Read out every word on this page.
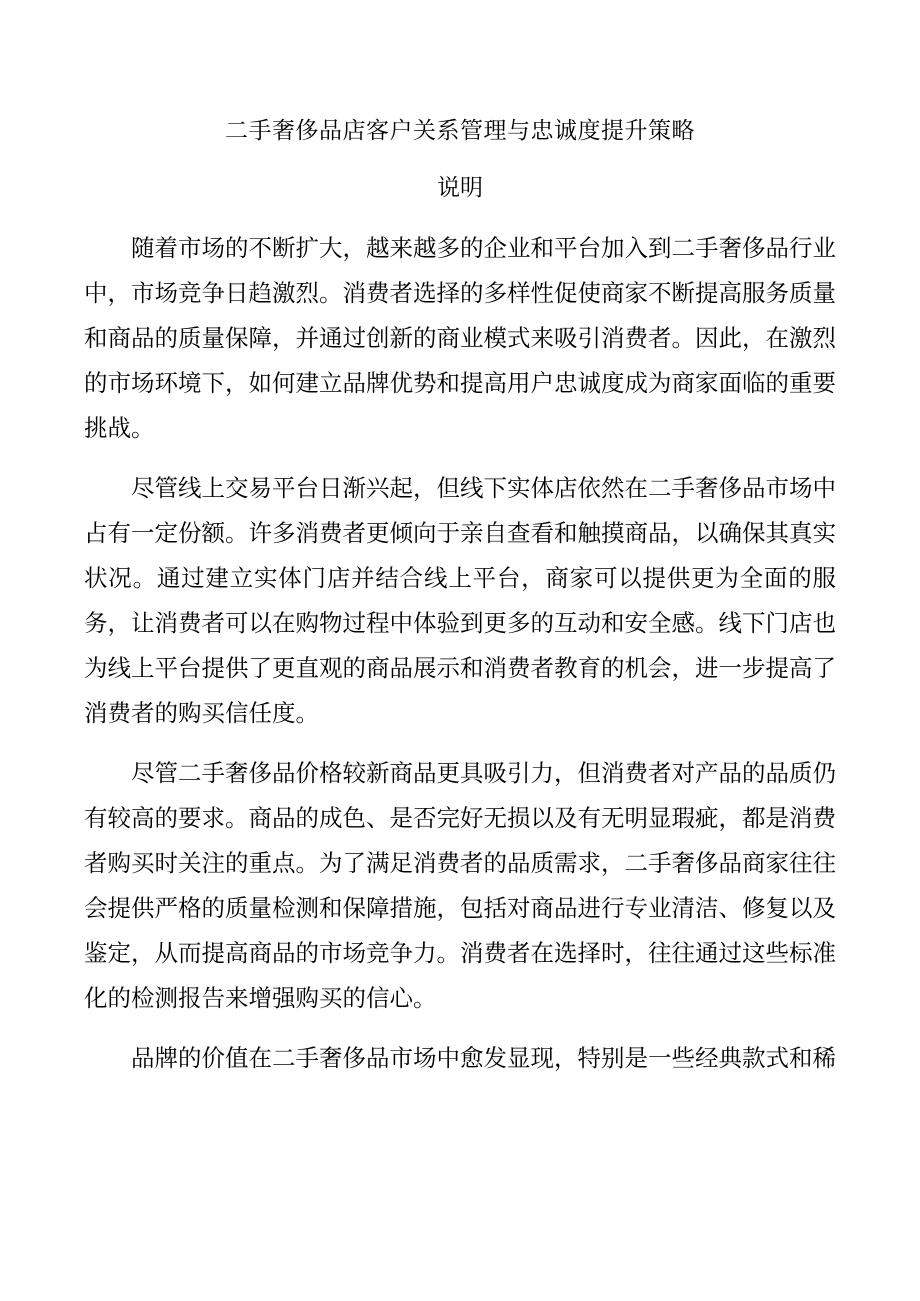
二手奢侈品店客户关系管理与忠诚度提升策略
说明

随着市场的不断扩大，越来越多的企业和平台加入到二手奢侈品行业中，市场竞争日趋激烈。消费者选择的多样性促使商家不断提高服务质量和商品的质量保障，并通过创新的商业模式来吸引消费者。因此，在激烈的市场环境下，如何建立品牌优势和提高用户忠诚度成为商家面临的重要挑战。

尽管线上交易平台日渐兴起，但线下实体店依然在二手奢侈品市场中占有一定份额。许多消费者更倾向于亲自查看和触摸商品，以确保其真实状况。通过建立实体门店并结合线上平台，商家可以提供更为全面的服务，让消费者可以在购物过程中体验到更多的互动和安全感。线下门店也为线上平台提供了更直观的商品展示和消费者教育的机会，进一步提高了消费者的购买信任度。

尽管二手奢侈品价格较新商品更具吸引力，但消费者对产品的品质仍有较高的要求。商品的成色、是否完好无损以及有无明显瑕疵，都是消费者购买时关注的重点。为了满足消费者的品质需求，二手奢侈品商家往往会提供严格的质量检测和保障措施，包括对商品进行专业清洁、修复以及鉴定，从而提高商品的市场竞争力。消费者在选择时，往往通过这些标准化的检测报告来增强购买的信心。

品牌的价值在二手奢侈品市场中愈发显现，特别是一些经典款式和稀
